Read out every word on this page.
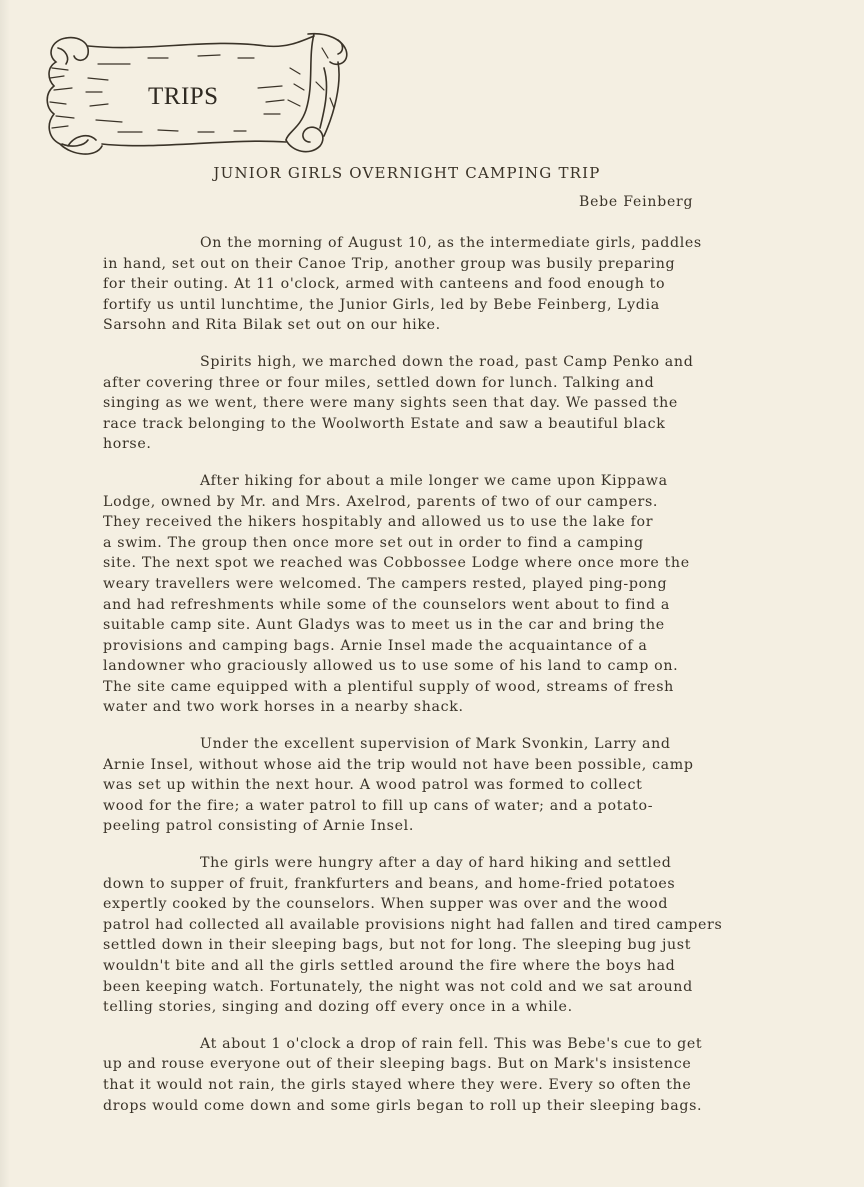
TRIPS
JUNIOR GIRLS OVERNIGHT CAMPING TRIP
Bebe Feinberg

On the morning of August 10, as the intermediate girls, paddles
in hand, set out on their Canoe Trip, another group was busily preparing
for their outing. At 11 o'clock, armed with canteens and food enough to
fortify us until lunchtime, the Junior Girls, led by Bebe Feinberg, Lydia
Sarsohn and Rita Bilak set out on our hike.

Spirits high, we marched down the road, past Camp Penko and
after covering three or four miles, settled down for lunch. Talking and
singing as we went, there were many sights seen that day. We passed the
race track belonging to the Woolworth Estate and saw a beautiful black
horse.

After hiking for about a mile longer we came upon Kippawa
Lodge, owned by Mr. and Mrs. Axelrod, parents of two of our campers.
They received the hikers hospitably and allowed us to use the lake for
a swim. The group then once more set out in order to find a camping
site. The next spot we reached was Cobbossee Lodge where once more the
weary travellers were welcomed. The campers rested, played ping-pong
and had refreshments while some of the counselors went about to find a
suitable camp site. Aunt Gladys was to meet us in the car and bring the
provisions and camping bags. Arnie Insel made the acquaintance of a
landowner who graciously allowed us to use some of his land to camp on.
The site came equipped with a plentiful supply of wood, streams of fresh
water and two work horses in a nearby shack.

Under the excellent supervision of Mark Svonkin, Larry and
Arnie Insel, without whose aid the trip would not have been possible, camp
was set up within the next hour. A wood patrol was formed to collect
wood for the fire; a water patrol to fill up cans of water; and a potato-
peeling patrol consisting of Arnie Insel.

The girls were hungry after a day of hard hiking and settled
down to supper of fruit, frankfurters and beans, and home-fried potatoes
expertly cooked by the counselors. When supper was over and the wood
patrol had collected all available provisions night had fallen and tired campers
settled down in their sleeping bags, but not for long. The sleeping bug just
wouldn't bite and all the girls settled around the fire where the boys had
been keeping watch. Fortunately, the night was not cold and we sat around
telling stories, singing and dozing off every once in a while.

At about 1 o'clock a drop of rain fell. This was Bebe's cue to get
up and rouse everyone out of their sleeping bags. But on Mark's insistence
that it would not rain, the girls stayed where they were. Every so often the
drops would come down and some girls began to roll up their sleeping bags.
